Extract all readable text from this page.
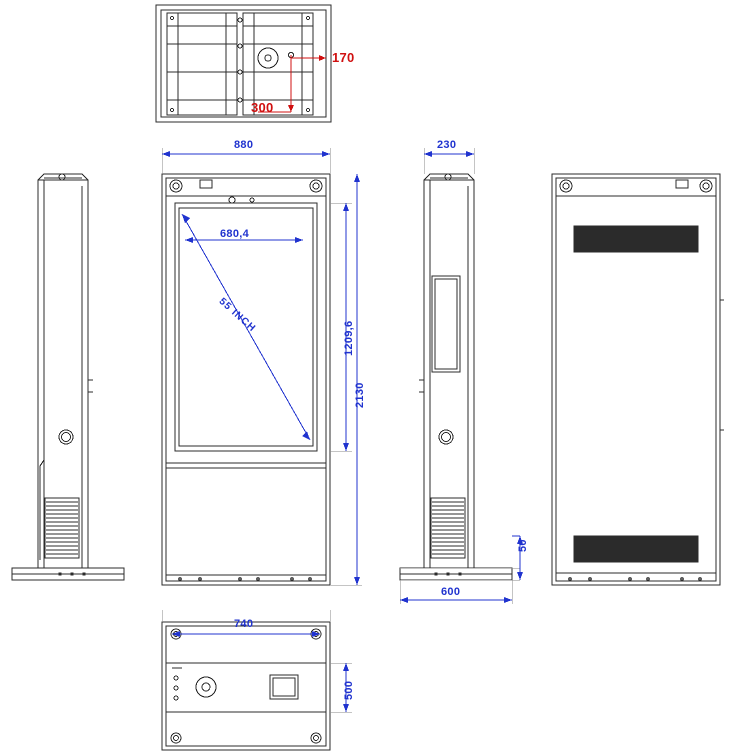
170
300
880	230
680,4
55 INCH
1209,6
2130
600
50
740
500
